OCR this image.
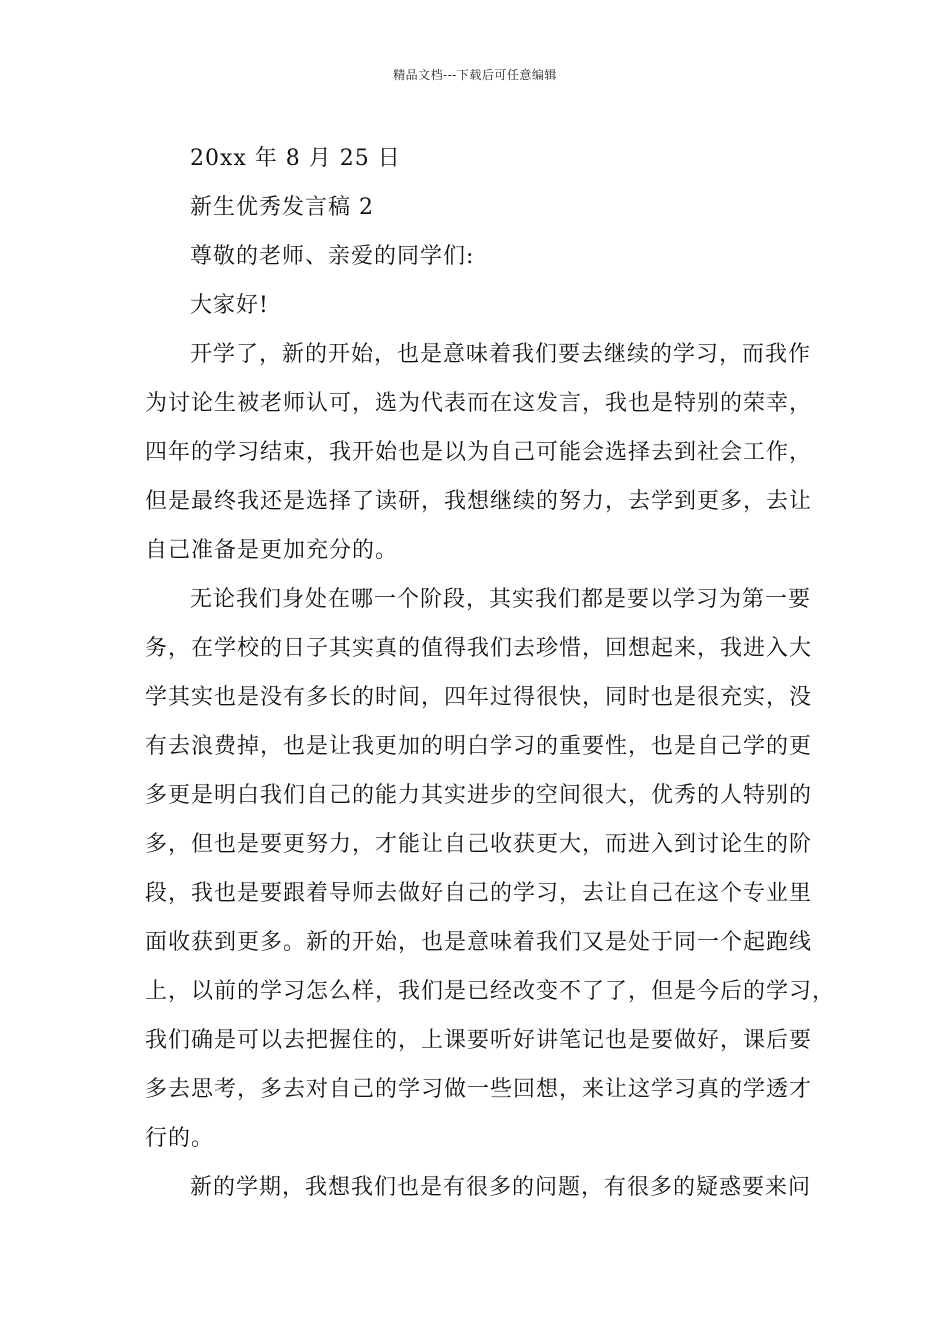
精品文档---下载后可任意编辑
20xx 年 8 月 25 日
新生优秀发言稿 2
尊敬的老师、亲爱的同学们:
大家好!
开学了，新的开始，也是意味着我们要去继续的学习，而我作
为讨论生被老师认可，选为代表而在这发言，我也是特别的荣幸，
四年的学习结束，我开始也是以为自己可能会选择去到社会工作，
但是最终我还是选择了读研，我想继续的努力，去学到更多，去让
自己准备是更加充分的。
无论我们身处在哪一个阶段，其实我们都是要以学习为第一要
务，在学校的日子其实真的值得我们去珍惜，回想起来，我进入大
学其实也是没有多长的时间，四年过得很快，同时也是很充实，没
有去浪费掉，也是让我更加的明白学习的重要性，也是自己学的更
多更是明白我们自己的能力其实进步的空间很大，优秀的人特别的
多，但也是要更努力，才能让自己收获更大，而进入到讨论生的阶
段，我也是要跟着导师去做好自己的学习，去让自己在这个专业里
面收获到更多。新的开始，也是意味着我们又是处于同一个起跑线
上，以前的学习怎么样，我们是已经改变不了了，但是今后的学习，
我们确是可以去把握住的，上课要听好讲笔记也是要做好，课后要
多去思考，多去对自己的学习做一些回想，来让这学习真的学透才
行的。
新的学期，我想我们也是有很多的问题，有很多的疑惑要来问
